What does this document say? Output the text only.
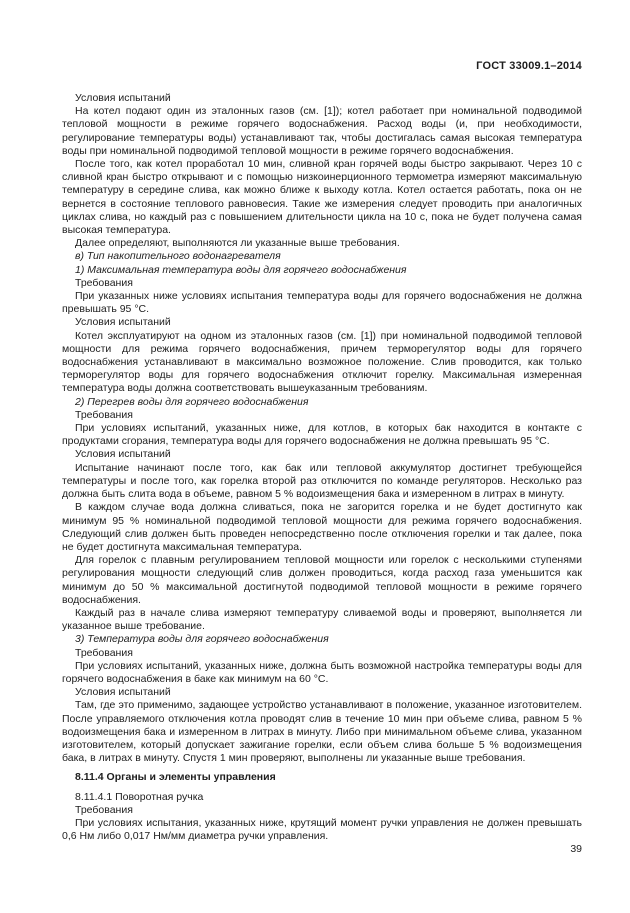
ГОСТ 33009.1–2014

Условия испытаний

На котел подают один из эталонных газов (см. [1]); котел работает при номинальной подводимой тепловой мощности в режиме горячего водоснабжения. Расход воды (и, при необходимости, регулирование температуры воды) устанавливают так, чтобы достигалась самая высокая температура воды при номинальной подводимой тепловой мощности в режиме горячего водоснабжения.

После того, как котел проработал 10 мин, сливной кран горячей воды быстро закрывают. Через 10 с сливной кран быстро открывают и с помощью низкоинерционного термометра измеряют максимальную температуру в середине слива, как можно ближе к выходу котла. Котел остается работать, пока он не вернется в состояние теплового равновесия. Такие же измерения следует проводить при аналогичных циклах слива, но каждый раз с повышением длительности цикла на 10 с, пока не будет получена самая высокая температура.

Далее определяют, выполняются ли указанные выше требования.

в) Тип накопительного водонагревателя

1) Максимальная температура воды для горячего водоснабжения

Требования

При указанных ниже условиях испытания температура воды для горячего водоснабжения не должна превышать 95 °С.

Условия испытаний

Котел эксплуатируют на одном из эталонных газов (см. [1]) при номинальной подводимой тепловой мощности для режима горячего водоснабжения, причем терморегулятор воды для горячего водоснабжения устанавливают в максимально возможное положение. Слив проводится, как только терморегулятор воды для горячего водоснабжения отключит горелку. Максимальная измеренная температура воды должна соответствовать вышеуказанным требованиям.

2) Перегрев воды для горячего водоснабжения

Требования

При условиях испытаний, указанных ниже, для котлов, в которых бак находится в контакте с продуктами сгорания, температура воды для горячего водоснабжения не должна превышать 95 °С.

Условия испытаний

Испытание начинают после того, как бак или тепловой аккумулятор достигнет требующейся температуры и после того, как горелка второй раз отключится по команде регуляторов. Несколько раз должна быть слита вода в объеме, равном 5 % водоизмещения бака и измеренном в литрах в минуту.

В каждом случае вода должна сливаться, пока не загорится горелка и не будет достигнуто как минимум 95 % номинальной подводимой тепловой мощности для режима горячего водоснабжения. Следующий слив должен быть проведен непосредственно после отключения горелки и так далее, пока не будет достигнута максимальная температура.

Для горелок с плавным регулированием тепловой мощности или горелок с несколькими ступенями регулирования мощности следующий слив должен проводиться, когда расход газа уменьшится как минимум до 50 % максимальной достигнутой подводимой тепловой мощности в режиме горячего водоснабжения.

Каждый раз в начале слива измеряют температуру сливаемой воды и проверяют, выполняется ли указанное выше требование.

3) Температура воды для горячего водоснабжения

Требования

При условиях испытаний, указанных ниже, должна быть возможной настройка температуры воды для горячего водоснабжения в баке как минимум на 60 °С.

Условия испытаний

Там, где это применимо, задающее устройство устанавливают в положение, указанное изготовителем. После управляемого отключения котла проводят слив в течение 10 мин при объеме слива, равном 5 % водоизмещения бака и измеренном в литрах в минуту. Либо при минимальном объеме слива, указанном изготовителем, который допускает зажигание горелки, если объем слива больше 5 % водоизмещения бака, в литрах в минуту. Спустя 1 мин проверяют, выполнены ли указанные выше требования.

8.11.4 Органы и элементы управления

8.11.4.1 Поворотная ручка

Требования

При условиях испытания, указанных ниже, крутящий момент ручки управления не должен превышать 0,6 Нм либо 0,017 Нм/мм диаметра ручки управления.

39
